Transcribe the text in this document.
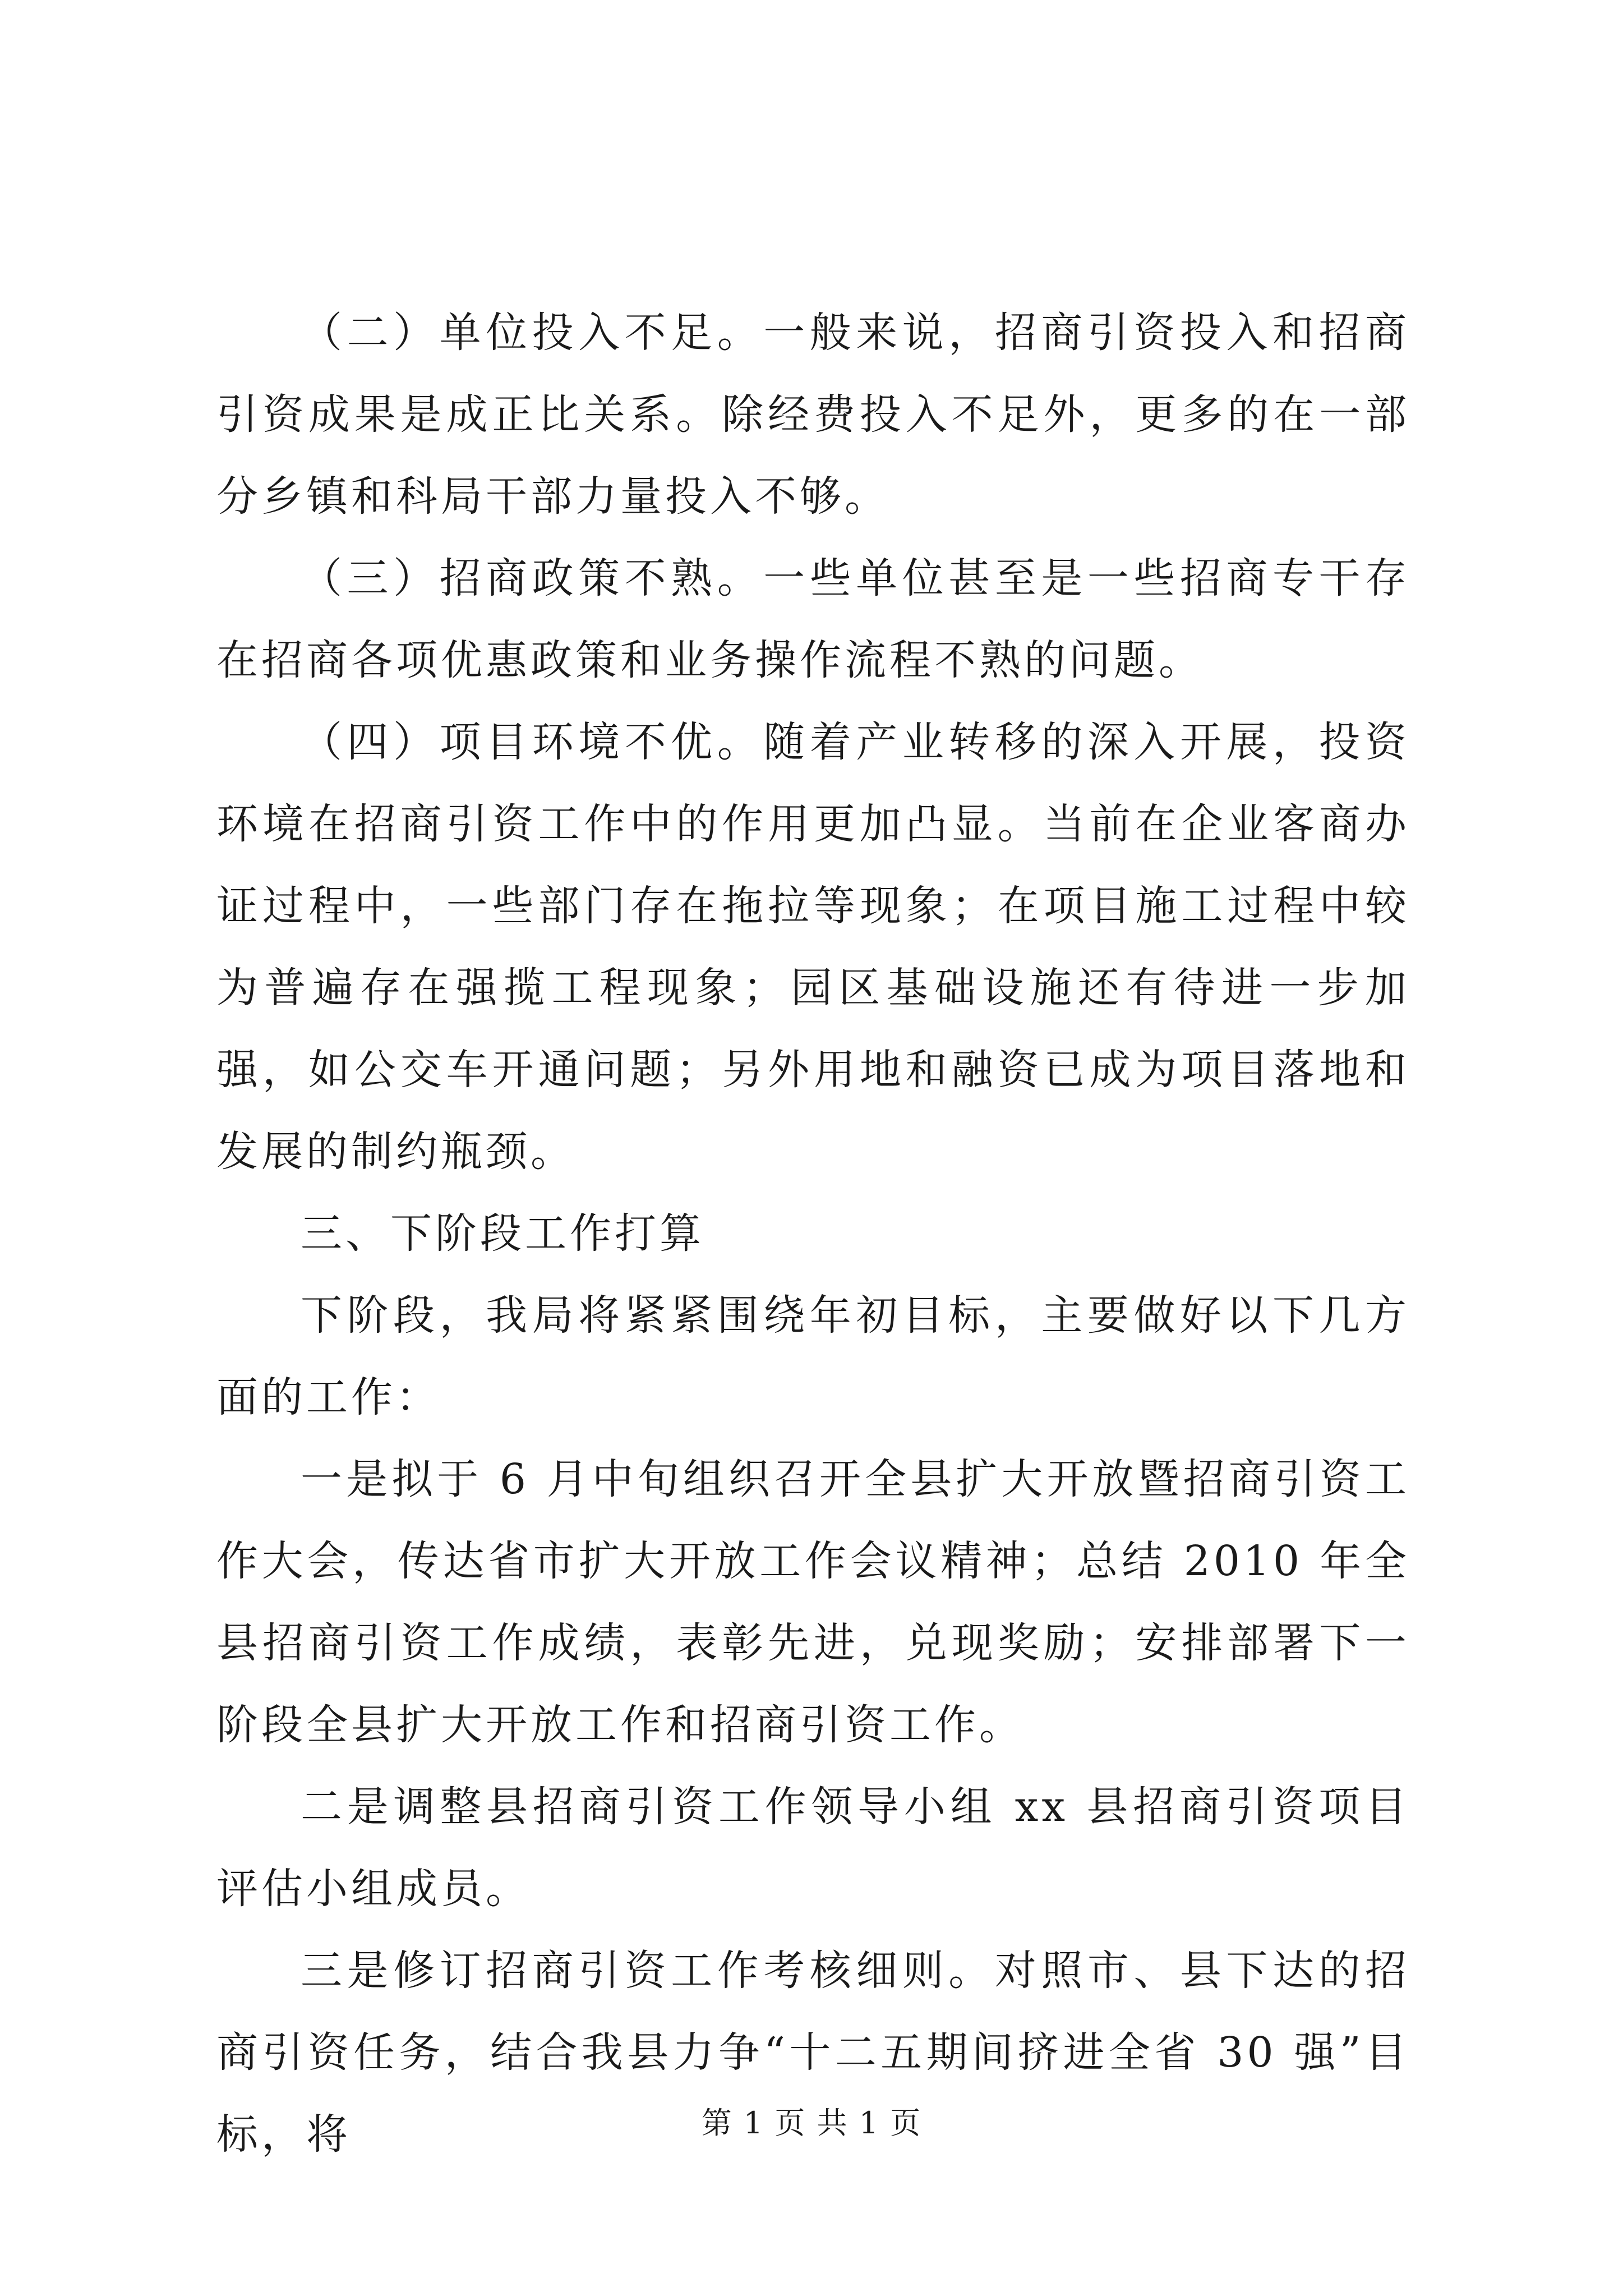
（二）单位投入不足。一般来说，招商引资投入和招商引资成果是成正比关系。除经费投入不足外，更多的在一部分乡镇和科局干部力量投入不够。

（三）招商政策不熟。一些单位甚至是一些招商专干存在招商各项优惠政策和业务操作流程不熟的问题。

（四）项目环境不优。随着产业转移的深入开展，投资环境在招商引资工作中的作用更加凸显。当前在企业客商办证过程中，一些部门存在拖拉等现象；在项目施工过程中较为普遍存在强揽工程现象；园区基础设施还有待进一步加强，如公交车开通问题；另外用地和融资已成为项目落地和发展的制约瓶颈。

三、下阶段工作打算

下阶段，我局将紧紧围绕年初目标，主要做好以下几方面的工作：

一是拟于 6 月中旬组织召开全县扩大开放暨招商引资工作大会，传达省市扩大开放工作会议精神；总结 2010 年全县招商引资工作成绩，表彰先进，兑现奖励；安排部署下一阶段全县扩大开放工作和招商引资工作。

二是调整县招商引资工作领导小组 xx 县招商引资项目评估小组成员。

三是修订招商引资工作考核细则。对照市、县下达的招商引资任务，结合我县力争“十二五期间挤进全省 30 强”目标，将	第 1 页 共 1 页
